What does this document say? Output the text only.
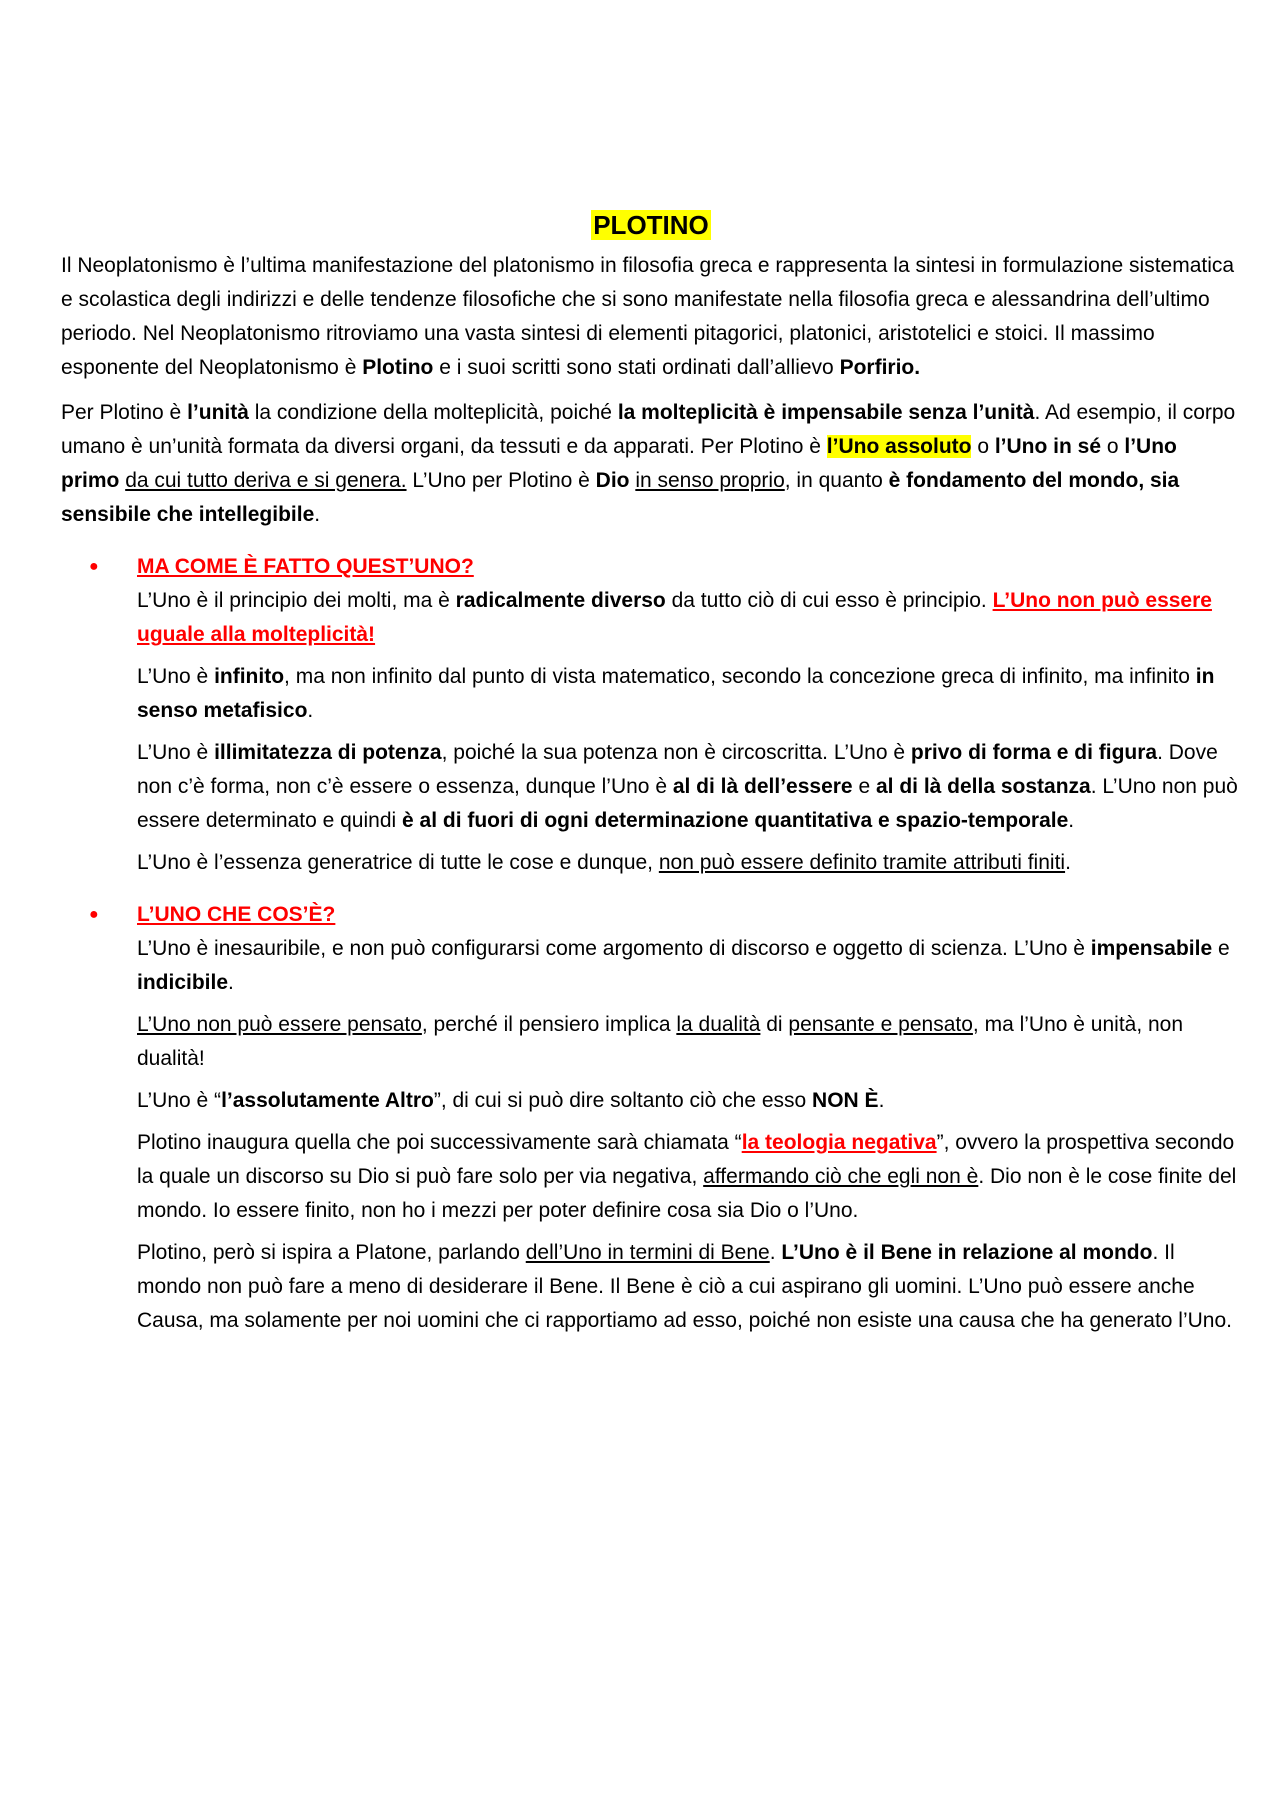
PLOTINO

Il Neoplatonismo è l’ultima manifestazione del platonismo in filosofia greca e rappresenta la sintesi in formulazione sistematica e scolastica degli indirizzi e delle tendenze filosofiche che si sono manifestate nella filosofia greca e alessandrina dell’ultimo periodo. Nel Neoplatonismo ritroviamo una vasta sintesi di elementi pitagorici, platonici, aristotelici e stoici. Il massimo esponente del Neoplatonismo è Plotino e i suoi scritti sono stati ordinati dall’allievo Porfirio.

Per Plotino è l’unità la condizione della molteplicità, poiché la molteplicità è impensabile senza l’unità. Ad esempio, il corpo umano è un’unità formata da diversi organi, da tessuti e da apparati. Per Plotino è l’Uno assoluto o l’Uno in sé o l’Uno primo da cui tutto deriva e si genera. L’Uno per Plotino è Dio in senso proprio, in quanto è fondamento del mondo, sia sensibile che intellegibile.

● MA COME È FATTO QUEST’UNO?

L’Uno è il principio dei molti, ma è radicalmente diverso da tutto ciò di cui esso è principio. L’Uno non può essere uguale alla molteplicità!

L’Uno è infinito, ma non infinito dal punto di vista matematico, secondo la concezione greca di infinito, ma infinito in senso metafisico.

L’Uno è illimitatezza di potenza, poiché la sua potenza non è circoscritta. L’Uno è privo di forma e di figura. Dove non c’è forma, non c’è essere o essenza, dunque l’Uno è al di là dell’essere e al di là della sostanza. L’Uno non può essere determinato e quindi è al di fuori di ogni determinazione quantitativa e spazio-temporale.

L’Uno è l’essenza generatrice di tutte le cose e dunque, non può essere definito tramite attributi finiti.

● L’UNO CHE COS’È?

L’Uno è inesauribile, e non può configurarsi come argomento di discorso e oggetto di scienza. L’Uno è impensabile e indicibile.

L’Uno non può essere pensato, perché il pensiero implica la dualità di pensante e pensato, ma l’Uno è unità, non dualità!

L’Uno è “l’assolutamente Altro”, di cui si può dire soltanto ciò che esso NON È.

Plotino inaugura quella che poi successivamente sarà chiamata “la teologia negativa”, ovvero la prospettiva secondo la quale un discorso su Dio si può fare solo per via negativa, affermando ciò che egli non è. Dio non è le cose finite del mondo. Io essere finito, non ho i mezzi per poter definire cosa sia Dio o l’Uno.

Plotino, però si ispira a Platone, parlando dell’Uno in termini di Bene. L’Uno è il Bene in relazione al mondo. Il mondo non può fare a meno di desiderare il Bene. Il Bene è ciò a cui aspirano gli uomini. L’Uno può essere anche Causa, ma solamente per noi uomini che ci rapportiamo ad esso, poiché non esiste una causa che ha generato l’Uno.
